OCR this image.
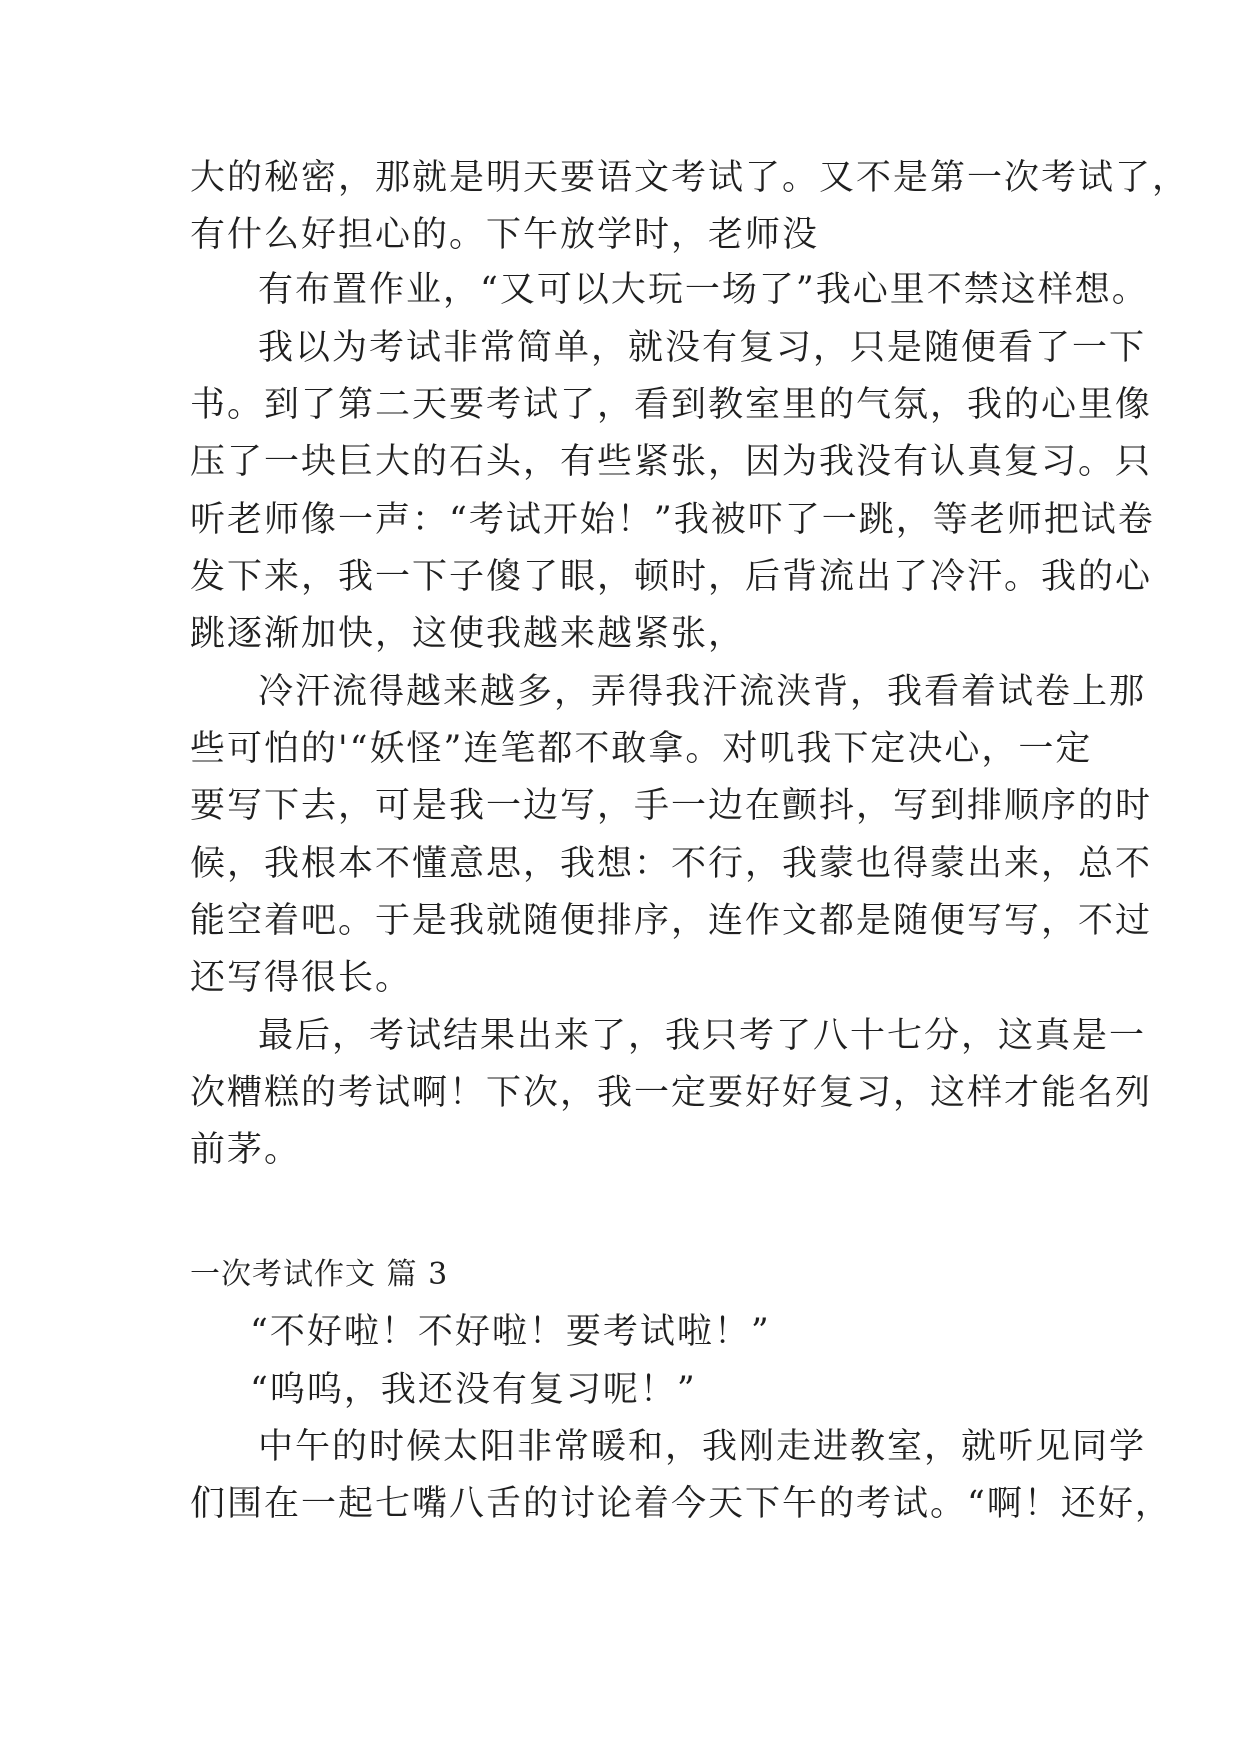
大的秘密，那就是明天要语文考试了。又不是第一次考试了，
有什么好担心的。下午放学时，老师没
有布置作业，“又可以大玩一场了”我心里不禁这样想。
我以为考试非常简单，就没有复习，只是随便看了一下
书。到了第二天要考试了，看到教室里的气氛，我的心里像
压了一块巨大的石头，有些紧张，因为我没有认真复习。只
听老师像一声：“考试开始！”我被吓了一跳，等老师把试卷
发下来，我一下子傻了眼，顿时，后背流出了冷汗。我的心
跳逐渐加快，这使我越来越紧张，
冷汗流得越来越多，弄得我汗流浃背，我看着试卷上那
些可怕的'“妖怪”连笔都不敢拿。对叽我下定决心，一定
要写下去，可是我一边写，手一边在颤抖，写到排顺序的时
候，我根本不懂意思，我想：不行，我蒙也得蒙出来，总不
能空着吧。于是我就随便排序，连作文都是随便写写，不过
还写得很长。
最后，考试结果出来了，我只考了八十七分，这真是一
次糟糕的考试啊！下次，我一定要好好复习，这样才能名列
前茅。
一次考试作文 篇 3
“不好啦！不好啦！要考试啦！”
“呜呜，我还没有复习呢！”
中午的时候太阳非常暖和，我刚走进教室，就听见同学
们围在一起七嘴八舌的讨论着今天下午的考试。“啊！还好，
